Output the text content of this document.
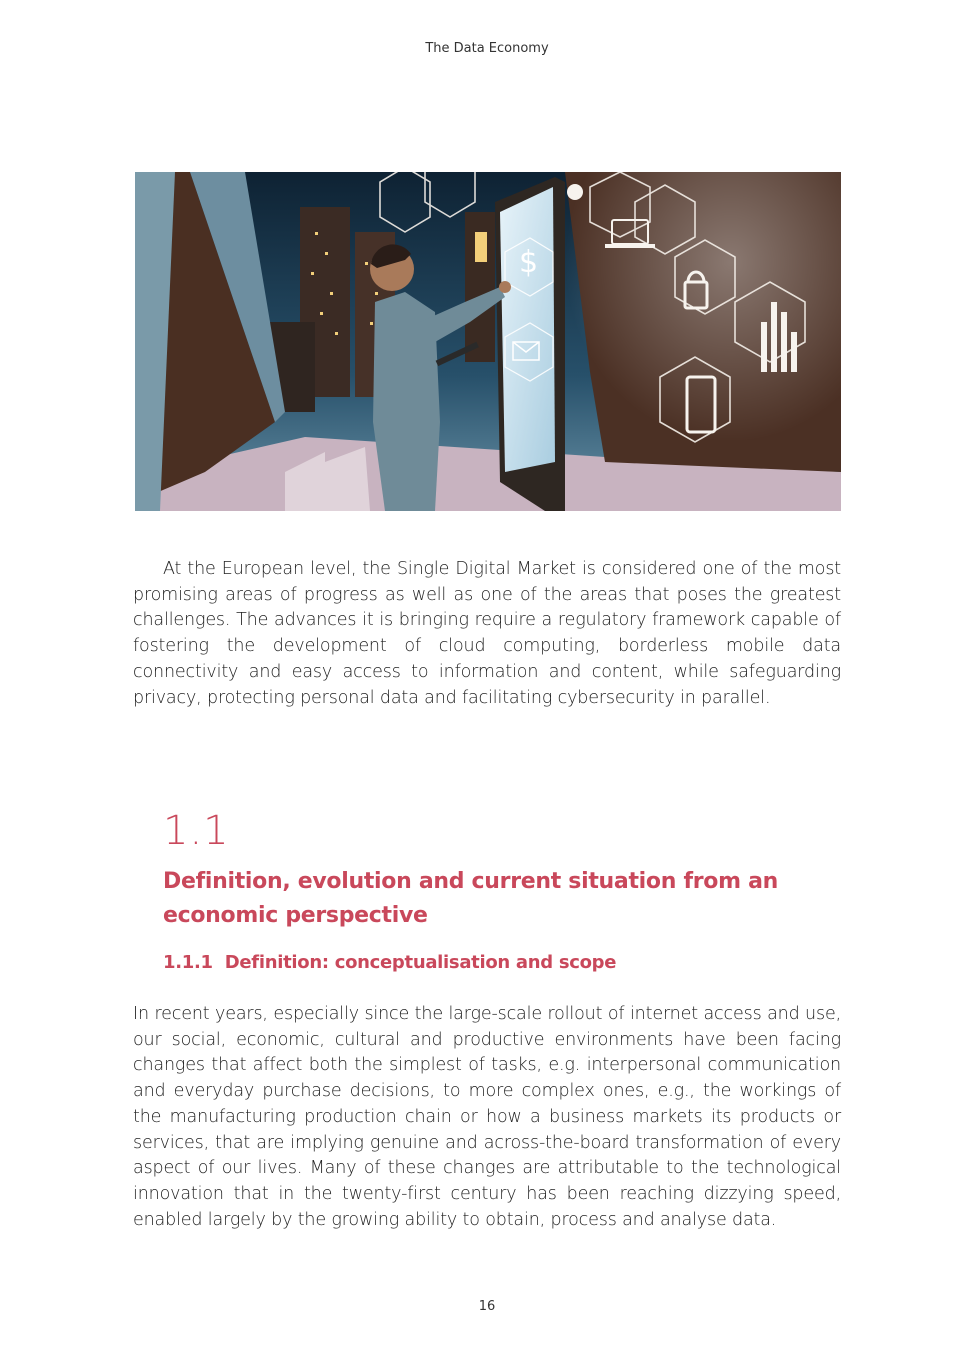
The Data Economy
$

At the European level, the Single Digital Market is considered one of the most promising areas of progress as well as one of the areas that poses the greatest challenges. The advances it is bringing require a regulatory framework capable of fostering the development of cloud computing, borderless mobile data connectivity and easy access to information and content, while safeguarding privacy, protecting personal data and facilitating cybersecurity in parallel.

1.1
Definition, evolution and current situation from an economic perspective
1.1.1 Definition: conceptualisation and scope

In recent years, especially since the large-scale rollout of internet access and use, our social, economic, cultural and productive environments have been facing changes that affect both the simplest of tasks, e.g. interpersonal communication and everyday purchase decisions, to more complex ones, e.g., the workings of the manufacturing production chain or how a business markets its products or services, that are implying genuine and across-the-board transformation of every aspect of our lives. Many of these changes are attributable to the technological innovation that in the twenty-first century has been reaching dizzying speed, enabled largely by the growing ability to obtain, process and analyse data.

16
